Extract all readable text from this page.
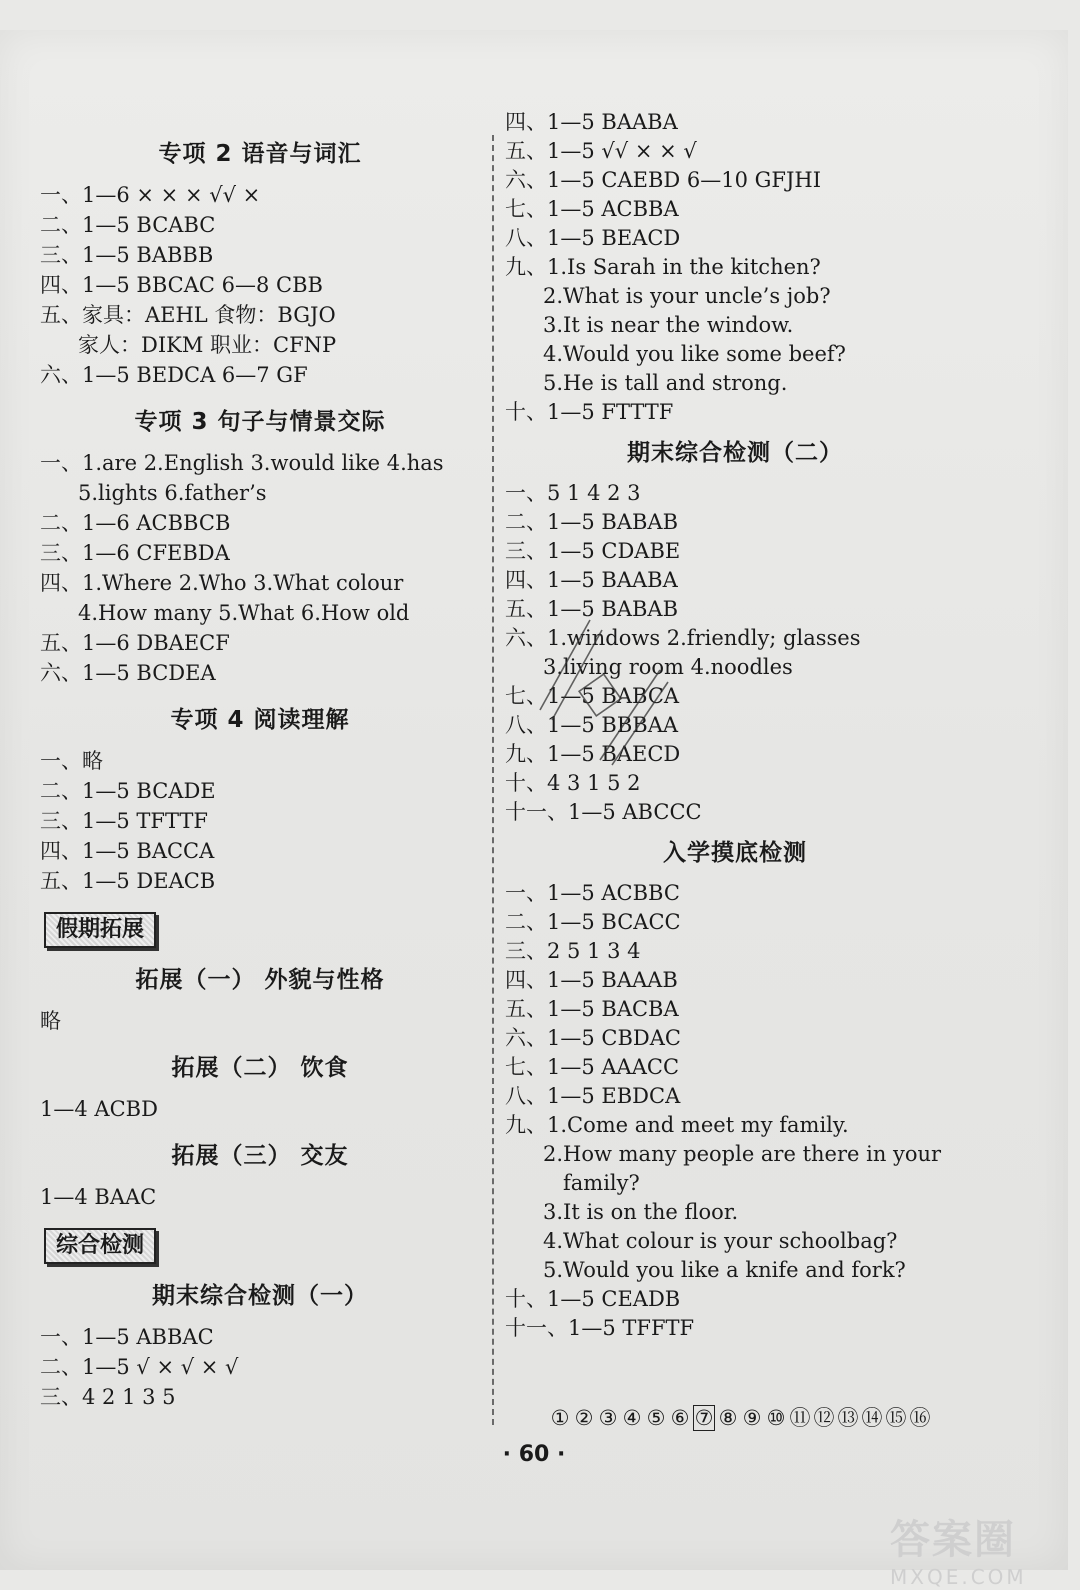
专项 2 语音与词汇
一、1—6 × × × √√ ×
二、1—5 BCABC
三、1—5 BABBB
四、1—5 BBCAC 6—8 CBB
五、家具：AEHL 食物：BGJO
家人：DIKM 职业：CFNP
六、1—5 BEDCA 6—7 GF
专项 3 句子与情景交际
一、1.are 2.English 3.would like 4.has
5.lights 6.father’s
二、1—6 ACBBCB
三、1—6 CFEBDA
四、1.Where 2.Who 3.What colour
4.How many 5.What 6.How old
五、1—6 DBAECF
六、1—5 BCDEA
专项 4 阅读理解
一、略
二、1—5 BCADE
三、1—5 TFTTF
四、1—5 BACCA
五、1—5 DEACB
假期拓展
拓展（一） 外貌与性格
略
拓展（二） 饮食
1—4 ACBD
拓展（三） 交友
1—4 BAAC
综合检测
期末综合检测（一）
一、1—5 ABBAC
二、1—5 √ × √ × √
三、4 2 1 3 5
四、1—5 BAABA
五、1—5 √√ × × √
六、1—5 CAEBD 6—10 GFJHI
七、1—5 ACBBA
八、1—5 BEACD
九、1.Is Sarah in the kitchen?
2.What is your uncle’s job?
3.It is near the window.
4.Would you like some beef?
5.He is tall and strong.
十、1—5 FTTTF
期末综合检测（二）
一、5 1 4 2 3
二、1—5 BABAB
三、1—5 CDABE
四、1—5 BAABA
五、1—5 BABAB
六、1.windows 2.friendly; glasses
3.living room 4.noodles
七、1—5 BABCA
八、1—5 BBBAA
九、1—5 BAECD
十、4 3 1 5 2
十一、1—5 ABCCC
入学摸底检测
一、1—5 ACBBC
二、1—5 BCACC
三、2 5 1 3 4
四、1—5 BAAAB
五、1—5 BACBA
六、1—5 CBDAC
七、1—5 AAACC
八、1—5 EBDCA
九、1.Come and meet my family.
2.How many people are there in your
family?
3.It is on the floor.
4.What colour is your schoolbag?
5.Would you like a knife and fork?
十、1—5 CEADB
十一、1—5 TFFTF
① ② ③ ④ ⑤ ⑥ ⑦ ⑧ ⑨ ⑩ ⑪ ⑫ ⑬ ⑭ ⑮ ⑯
· 60 ·
答案圈
MXQE.COM
